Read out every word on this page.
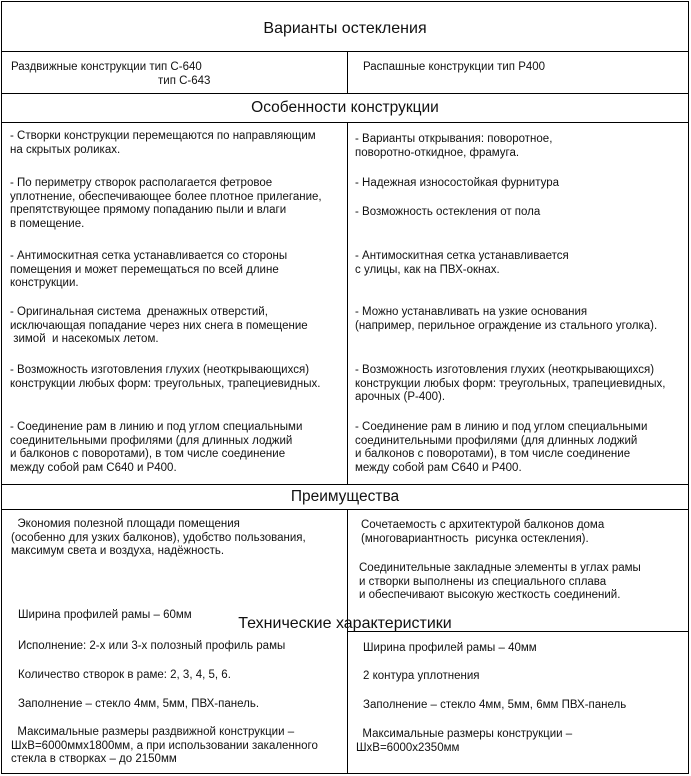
Варианты остекления
Раздвижные конструкции тип С-640
тип С-643
Распашные конструкции тип Р400
Особенности конструкции
- Створки конструкции перемещаются по направляющим
на скрытых роликах.
- По периметру створок располагается фетровое
уплотнение, обеспечивающее более плотное прилегание,
препятствующее прямому попаданию пыли и влаги
в помещение.
- Антимоскитная сетка устанавливается со стороны
помещения и может перемещаться по всей длине
конструкции.
- Оригинальная система  дренажных отверстий,
исключающая попадание через них снега в помещение
зимой  и насекомых летом.
- Возможность изготовления глухих (неоткрывающихся)
конструкции любых форм: треугольных, трапециевидных.
- Соединение рам в линию и под углом специальными
соединительными профилями (для длинных лоджий
и балконов с поворотами), в том числе соединение
между собой рам С640 и Р400.
- Варианты открывания: поворотное,
поворотно-откидное, фрамуга.
- Надежная износостойкая фурнитура
- Возможность остекления от пола
- Антимоскитная сетка устанавливается
с улицы, как на ПВХ-окнах.
- Можно устанавливать на узкие основания
(например, перильное ограждение из стального уголка).
- Возможность изготовления глухих (неоткрывающихся)
конструкции любых форм: треугольных, трапециевидных,
арочных (Р-400).
- Соединение рам в линию и под углом специальными
соединительными профилями (для длинных лоджий
и балконов с поворотами), в том числе соединение
между собой рам С640 и Р400.
Преимущества
Экономия полезной площади помещения
(особенно для узких балконов), удобство пользования,
максимум света и воздуха, надёжность.
Сочетаемость с архитектурой балконов дома
(многовариантность  рисунка остекления).
Соединительные закладные элементы в углах рамы
и створки выполнены из специального сплава
и обеспечивают высокую жесткость соединений.
Ширина профилей рамы – 60мм	Технические характеристики
Исполнение: 2-х или 3-х полозный профиль рамы
Количество створок в раме: 2, 3, 4, 5, 6.
Заполнение – стекло 4мм, 5мм, ПВХ-панель.
Максимальные размеры раздвижной конструкции –
ШхВ=6000ммх1800мм, а при использовании закаленного
стекла в створках – до 2150мм
Ширина профилей рамы – 40мм
2 контура уплотнения
Заполнение – стекло 4мм, 5мм, 6мм ПВХ-панель
Максимальные размеры конструкции –
ШхВ=6000х2350мм
